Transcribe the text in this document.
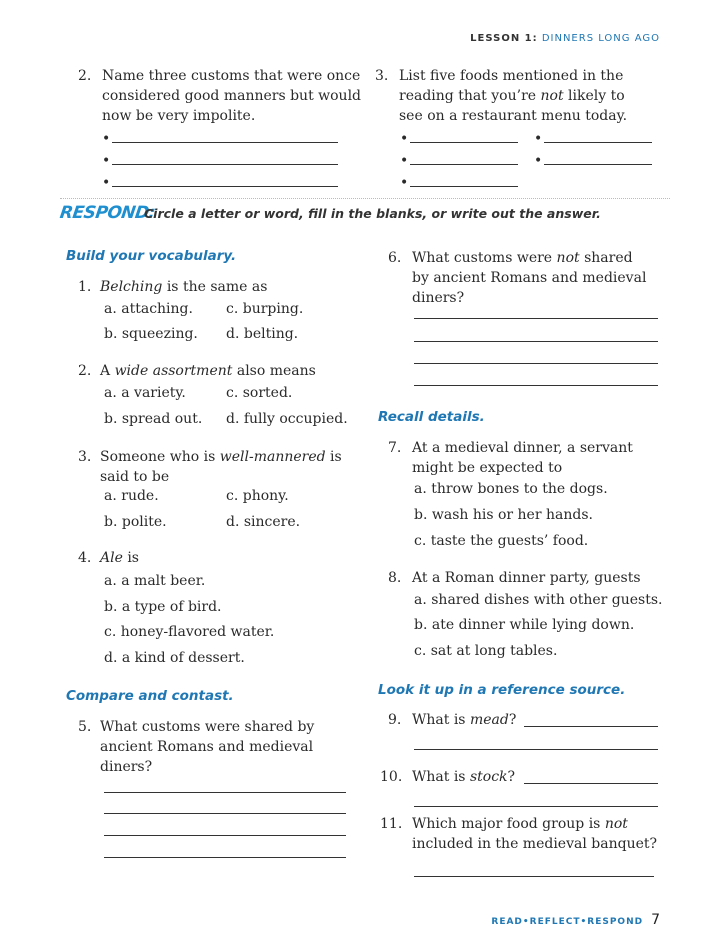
LESSON 1: DINNERS LONG AGO
2. Name three customs that were once
considered good manners but would
now be very impolite.
•
•
•
3. List five foods mentioned in the
reading that you’re not likely to
see on a restaurant menu today.
•	•
•	•
•
RESPOND:
Circle a letter or word, fill in the blanks, or write out the answer.
Build your vocabulary.
1. Belching is the same as
a. attaching. c. burping.
b. squeezing. d. belting.
2. A wide assortment also means
a. a variety.	c. sorted.
b. spread out. d. fully occupied.
3. Someone who is well-mannered is
said to be
a. rude.	c. phony.
b. polite.	d. sincere.
4. Ale is
a. a malt beer.
b. a type of bird.
c. honey-flavored water.
d. a kind of dessert.
Compare and contast.
5. What customs were shared by
ancient Romans and medieval
diners?
6. What customs were not shared
by ancient Romans and medieval
diners?
Recall details.
7. At a medieval dinner, a servant
might be expected to
a. throw bones to the dogs.
b. wash his or her hands.
c. taste the guests’ food.
8. At a Roman dinner party, guests
a. shared dishes with other guests.
b. ate dinner while lying down.
c. sat at long tables.
Look it up in a reference source.
9. What is mead?
10. What is stock?
11. Which major food group is not
included in the medieval banquet?
READ•REFLECT•RESPOND 7
